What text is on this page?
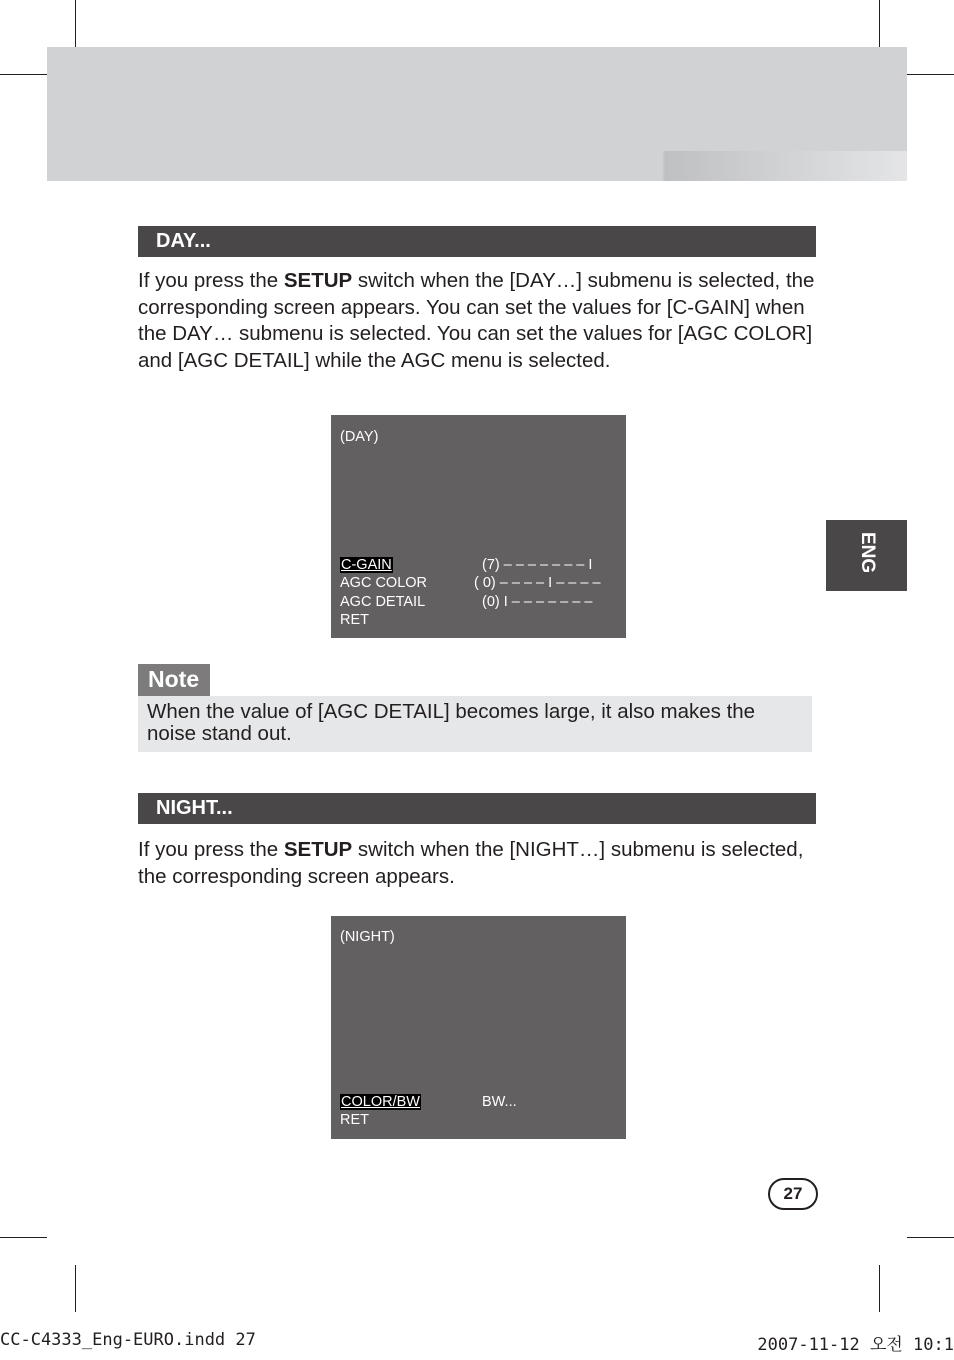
DAY...

If you press the SETUP switch when the [DAY…] submenu is selected, the corresponding screen appears. You can set the values for [C-GAIN] when the DAY… submenu is selected. You can set the values for [AGC COLOR] and [AGC DETAIL] while the AGC menu is selected.

(DAY)
C-GAIN	(7) – – – – – – – I
AGC COLOR	( 0) – – – – I – – – –
AGC DETAIL	(0) I – – – – – – –
RET
Note

When the value of [AGC DETAIL] becomes large, it also makes the noise stand out.

NIGHT...

If you press the SETUP switch when the [NIGHT…] submenu is selected, the corresponding screen appears.

(NIGHT)
COLOR/BW	BW...
RET
ENG
27
CC-C4333_Eng-EURO.indd 27	2007-11-12 오전 10:1
